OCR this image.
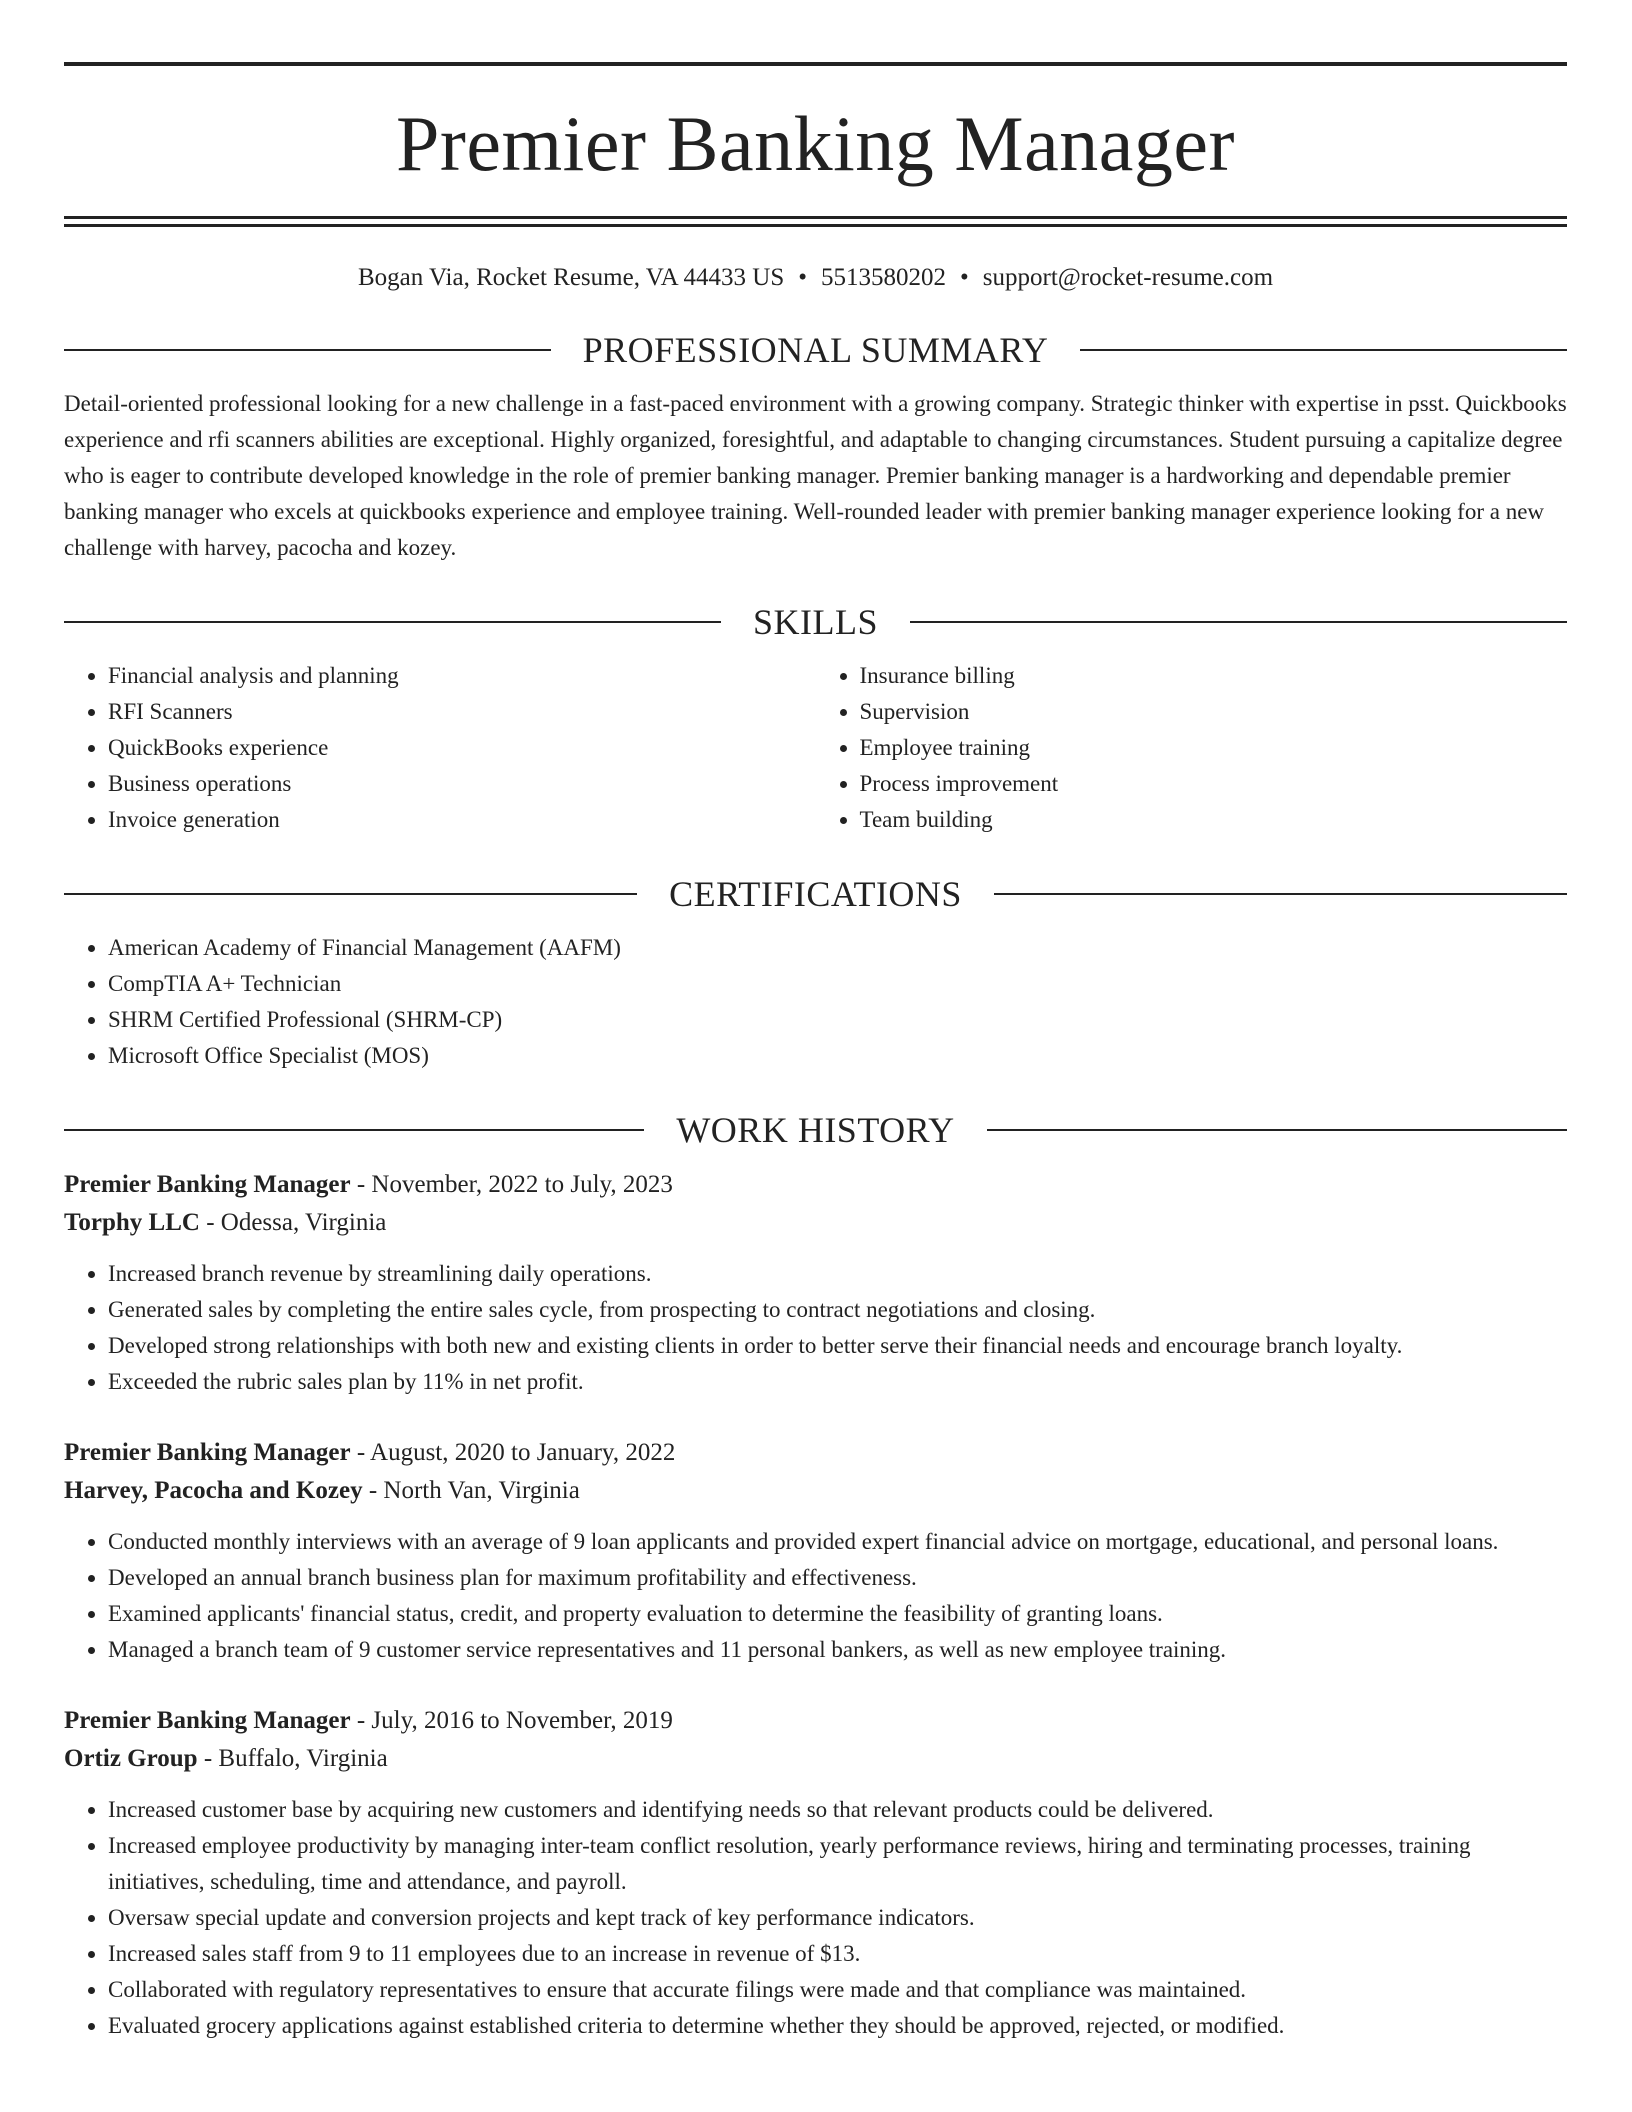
Premier Banking Manager
Bogan Via, Rocket Resume, VA 44433 US • 5513580202 • support@rocket-resume.com
PROFESSIONAL SUMMARY

Detail-oriented professional looking for a new challenge in a fast-paced environment with a growing company. Strategic thinker with expertise in psst. Quickbooks experience and rfi scanners abilities are exceptional. Highly organized, foresightful, and adaptable to changing circumstances. Student pursuing a capitalize degree who is eager to contribute developed knowledge in the role of premier banking manager. Premier banking manager is a hardworking and dependable premier banking manager who excels at quickbooks experience and employee training. Well-rounded leader with premier banking manager experience looking for a new challenge with harvey, pacocha and kozey.

SKILLS
• Financial analysis and planning
• RFI Scanners
• QuickBooks experience
• Business operations
• Invoice generation
• Insurance billing
• Supervision
• Employee training
• Process improvement
• Team building
CERTIFICATIONS
• American Academy of Financial Management (AAFM)
• CompTIA A+ Technician
• SHRM Certified Professional (SHRM-CP)
• Microsoft Office Specialist (MOS)
WORK HISTORY
Premier Banking Manager - November, 2022 to July, 2023
Torphy LLC - Odessa, Virginia
• Increased branch revenue by streamlining daily operations.
• Generated sales by completing the entire sales cycle, from prospecting to contract negotiations and closing.
• Developed strong relationships with both new and existing clients in order to better serve their financial needs and encourage branch loyalty.
• Exceeded the rubric sales plan by 11% in net profit.
Premier Banking Manager - August, 2020 to January, 2022
Harvey, Pacocha and Kozey - North Van, Virginia
• Conducted monthly interviews with an average of 9 loan applicants and provided expert financial advice on mortgage, educational, and personal loans.
• Developed an annual branch business plan for maximum profitability and effectiveness.
• Examined applicants' financial status, credit, and property evaluation to determine the feasibility of granting loans.
• Managed a branch team of 9 customer service representatives and 11 personal bankers, as well as new employee training.
Premier Banking Manager - July, 2016 to November, 2019
Ortiz Group - Buffalo, Virginia
• Increased customer base by acquiring new customers and identifying needs so that relevant products could be delivered.
• Increased employee productivity by managing inter-team conflict resolution, yearly performance reviews, hiring and terminating processes, training initiatives, scheduling, time and attendance, and payroll.
• Oversaw special update and conversion projects and kept track of key performance indicators.
• Increased sales staff from 9 to 11 employees due to an increase in revenue of $13.
• Collaborated with regulatory representatives to ensure that accurate filings were made and that compliance was maintained.
• Evaluated grocery applications against established criteria to determine whether they should be approved, rejected, or modified.
